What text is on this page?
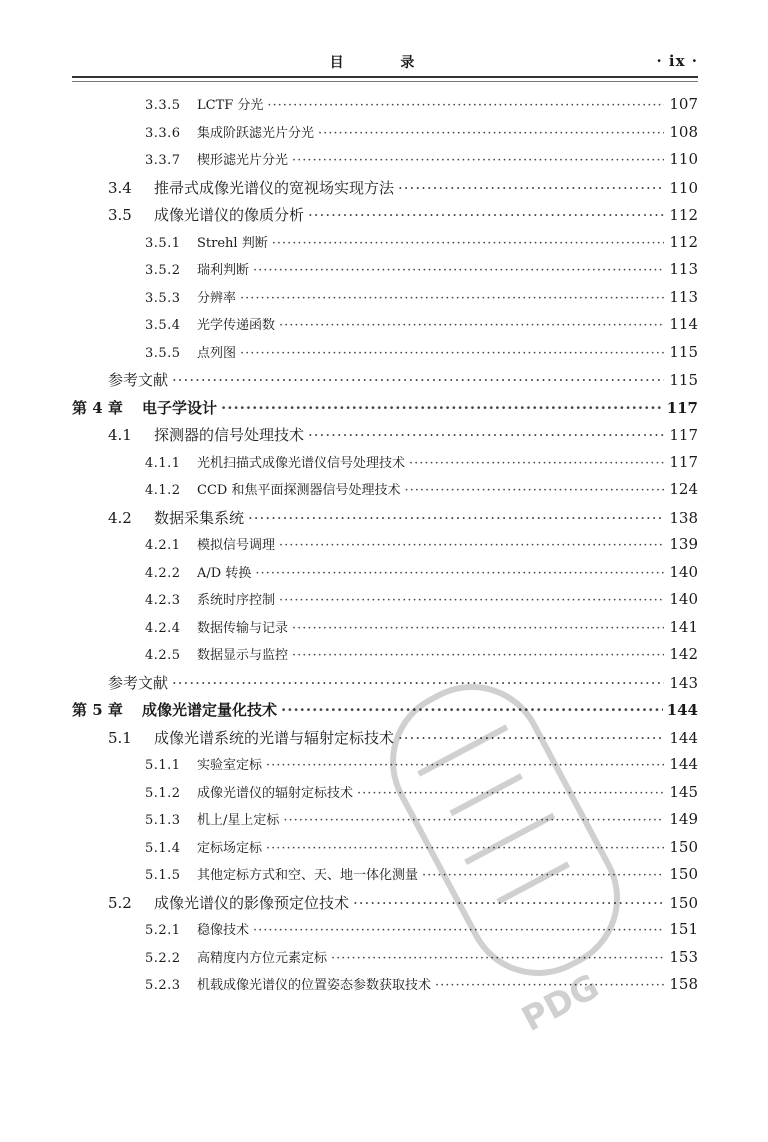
目 录	· ix ·
3.3.5	LCTF 分光 ·····	107
3.3.6	集成阶跃滤光片分光 ·····	108
3.3.7	楔形滤光片分光 ·····	110
3.4	推帚式成像光谱仪的宽视场实现方法 ·····	110
3.5	成像光谱仪的像质分析 ·····	112
3.5.1	Strehl 判断 ·····	112
3.5.2	瑞利判断 ·····	113
3.5.3	分辨率 ·····	113
3.5.4	光学传递函数 ·····	114
3.5.5	点列图 ·····	115
参考文献 ·····	115
第 4 章	电子学设计 ·····	117
4.1	探测器的信号处理技术 ·····	117
4.1.1	光机扫描式成像光谱仪信号处理技术 ·····	117
4.1.2	CCD 和焦平面探测器信号处理技术 ·····	124
4.2	数据采集系统 ·····	138
4.2.1	模拟信号调理 ·····	139
4.2.2	A/D 转换 ·····	140
4.2.3	系统时序控制 ·····	140
4.2.4	数据传输与记录 ·····	141
4.2.5	数据显示与监控 ·····	142
参考文献 ·····	143
第 5 章	成像光谱定量化技术 ·····	144
5.1	成像光谱系统的光谱与辐射定标技术 ·····	144
5.1.1	实验室定标 ·····	144
5.1.2	成像光谱仪的辐射定标技术 ·····	145
5.1.3	机上/星上定标 ·····	149
5.1.4	定标场定标 ·····	150
5.1.5	其他定标方式和空、天、地一体化测量 ·····	150
5.2	成像光谱仪的影像预定位技术 ·····	150
5.2.1	稳像技术 ·····	151
5.2.2	高精度内方位元素定标 ·····	153
5.2.3	机载成像光谱仪的位置姿态参数获取技术 ·····	158
PDG
